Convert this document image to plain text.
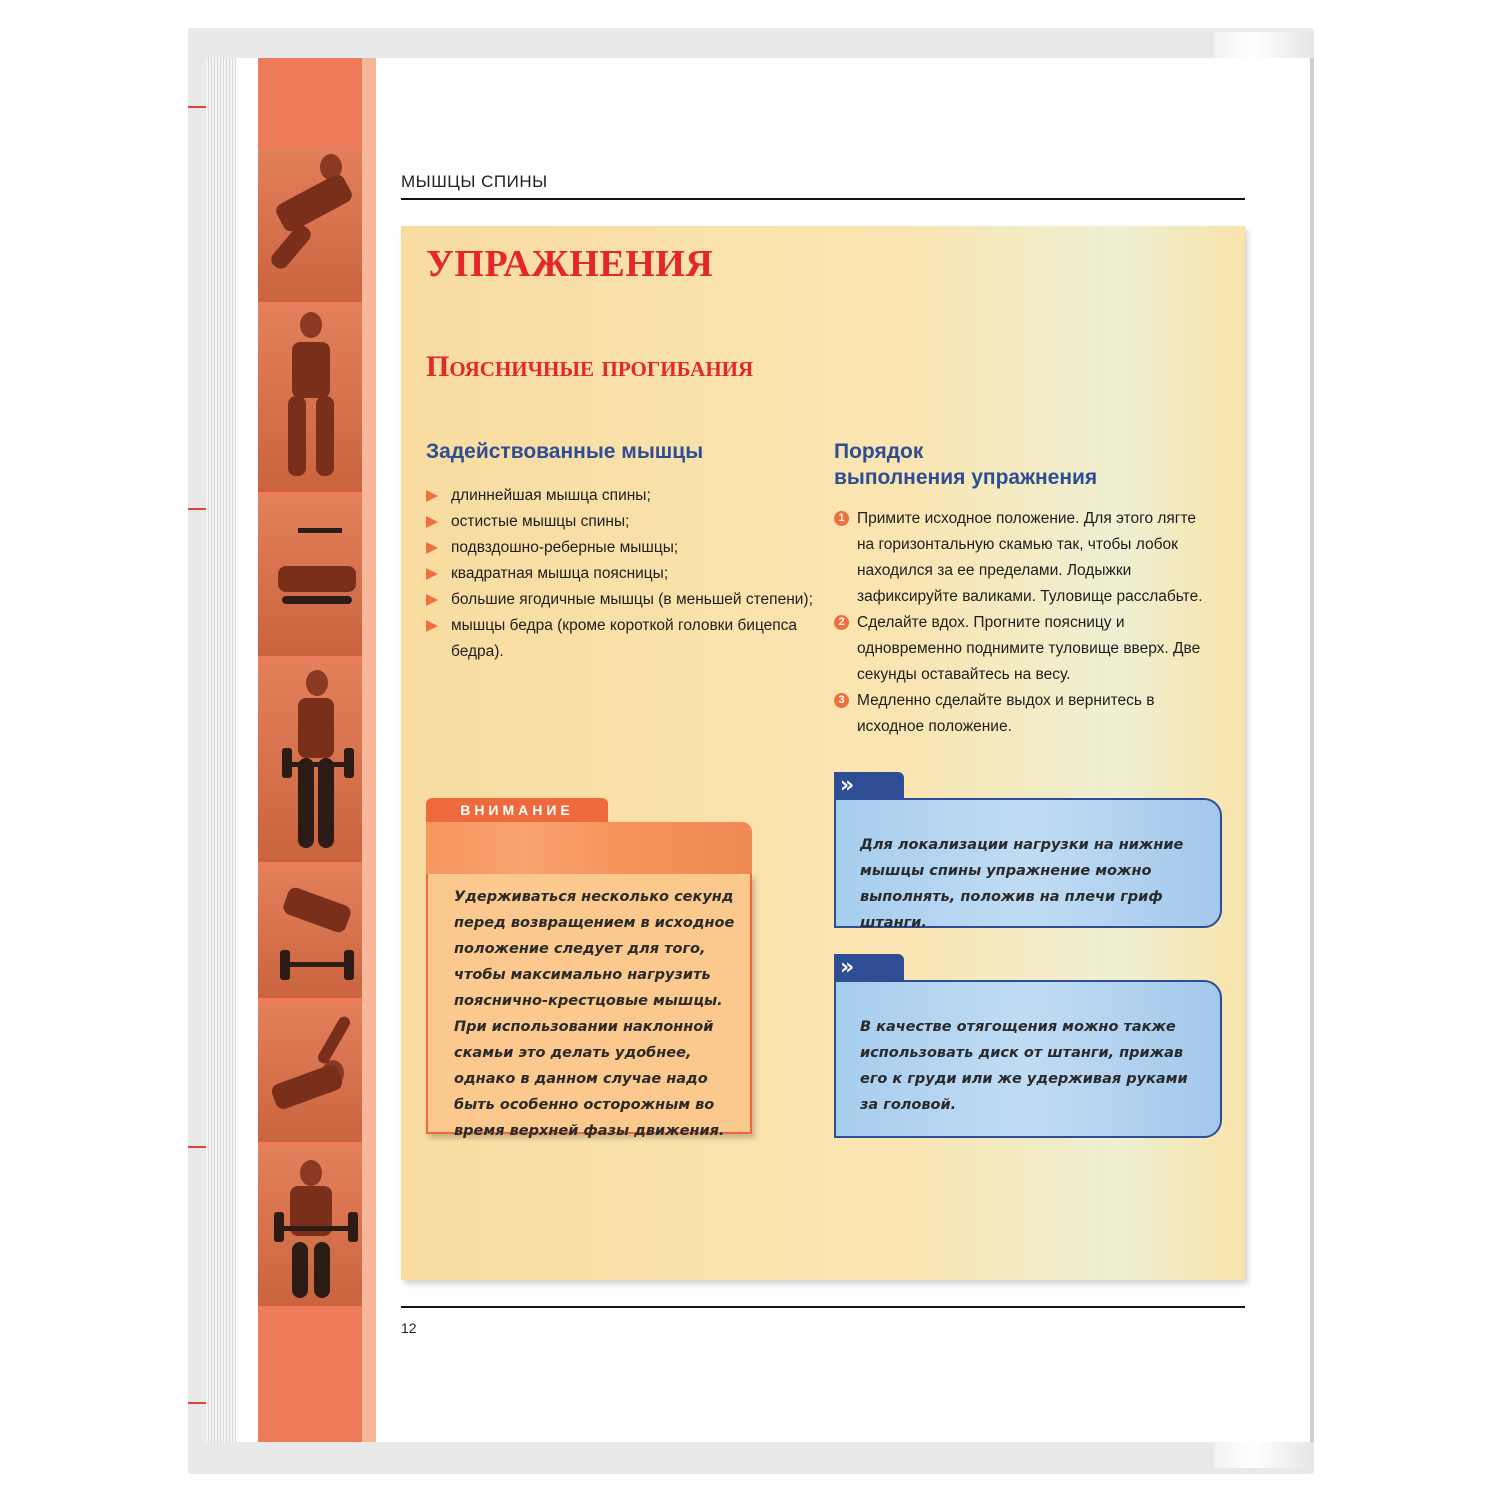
МЫШЦЫ СПИНЫ
УПРАЖНЕНИЯ
Поясничные прогибания
Задействованные мышцы
длиннейшая мышца спины;
остистые мышцы спины;
подвздошно-реберные мышцы;
квадратная мышца поясницы;
большие ягодичные мышцы (в меньшей степени);
мышцы бедра (кроме короткой головки бицепса бедра).
Порядок
выполнения упражнения
1 Примите исходное положение. Для этого лягте на горизонтальную скамью так, чтобы лобок находился за ее пределами. Лодыжки зафиксируйте валиками. Туловище расслабьте.
2 Сделайте вдох. Прогните поясницу и одновременно поднимите туловище вверх. Две секунды оставайтесь на весу.
3 Медленно сделайте выдох и вернитесь в исходное положение.
ВНИМАНИЕ
Удерживаться несколько секунд перед возвращением в исходное положение следует для того, чтобы максимально нагрузить пояснично-крестцовые мышцы. При использовании наклонной скамьи это делать удобнее, однако в данном случае надо быть особенно осторожным во время верхней фазы движения.
»
Для локализации нагрузки на нижние мышцы спины упражнение можно выполнять, положив на плечи гриф штанги.
»
В качестве отягощения можно также использовать диск от штанги, прижав его к груди или же удерживая руками за головой.
12
